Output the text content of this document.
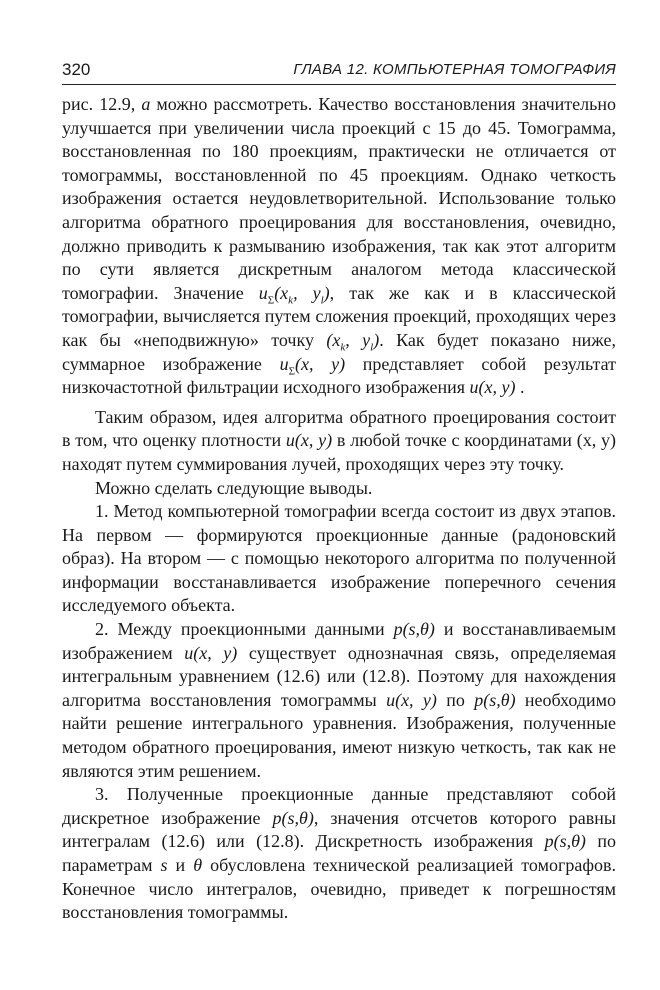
320	ГЛАВА 12. КОМПЬЮТЕРНАЯ ТОМОГРАФИЯ

рис. 12.9, а можно рассмотреть. Качество восстановления значительно улучшается при увеличении числа проекций с 15 до 45. Томограмма, восстановленная по 180 проекциям, практически не отличается от томограммы, восстановленной по 45 проекциям. Однако четкость изображения остается неудовлетворительной. Использование только алгоритма обратного проецирования для восстановления, очевидно, должно приводить к размыванию изображения, так как этот алгоритм по сути является дискретным аналогом метода классической томографии. Значение $u_\Sigma(x_k$, $y_l$), так же как и в классической томографии, вычисляется путем сложения проекций, проходящих через как бы «неподвижную» точку ($x_k$, $y_l$). Как будет показано ниже, суммарное изображение $u_\Sigma(x$, y) представляет собой результат низкочастотной фильтрации исходного изображения u(x, y) .

Таким образом, идея алгоритма обратного проецирования состоит в том, что оценку плотности u(x, y) в любой точке с координатами (x, y) находят путем суммирования лучей, проходящих через эту точку.

Можно сделать следующие выводы.

1. Метод компьютерной томографии всегда состоит из двух этапов. На первом — формируются проекционные данные (радоновский образ). На втором — с помощью некоторого алгоритма по полученной информации восстанавливается изображение поперечного сечения исследуемого объекта.

2. Между проекционными данными p(s,θ) и восстанавливаемым изображением u(x, y) существует однозначная связь, определяемая интегральным уравнением (12.6) или (12.8). Поэтому для нахождения алгоритма восстановления томограммы u(x, y) по p(s,θ) необходимо найти решение интегрального уравнения. Изображения, полученные методом обратного проецирования, имеют низкую четкость, так как не являются этим решением.

3. Полученные проекционные данные представляют собой дискретное изображение p(s,θ), значения отсчетов которого равны интегралам (12.6) или (12.8). Дискретность изображения p(s,θ) по параметрам s и θ обусловлена технической реализацией томографов. Конечное число интегралов, очевидно, приведет к погрешностям восстановления томограммы.
